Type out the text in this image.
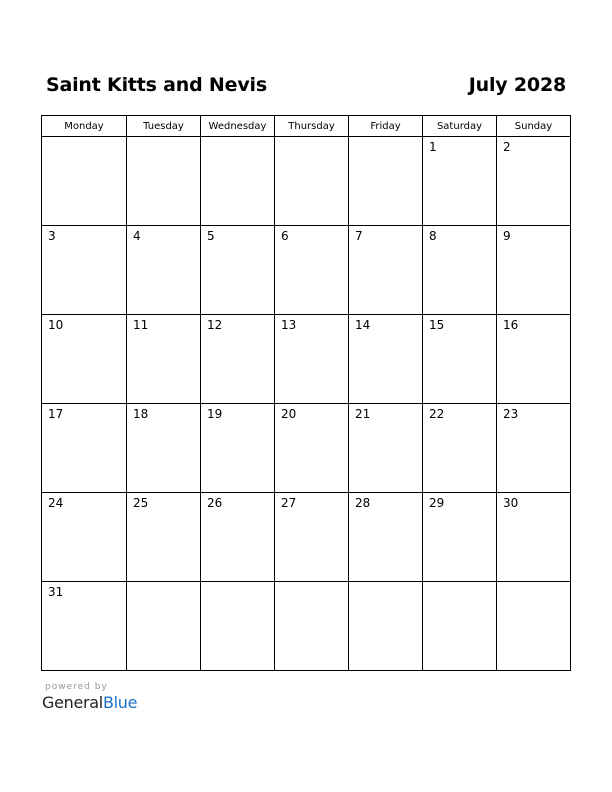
Saint Kitts and Nevis	July 2028
Monday	Tuesday	Wednesday	Thursday	Friday	Saturday	Sunday

					1	2

3	4	5	6	7	8	9

10	11	12	13	14	15	16

17	18	19	20	21	22	23

24	25	26	27	28	29	30

31						

powered by
GeneralBlue
